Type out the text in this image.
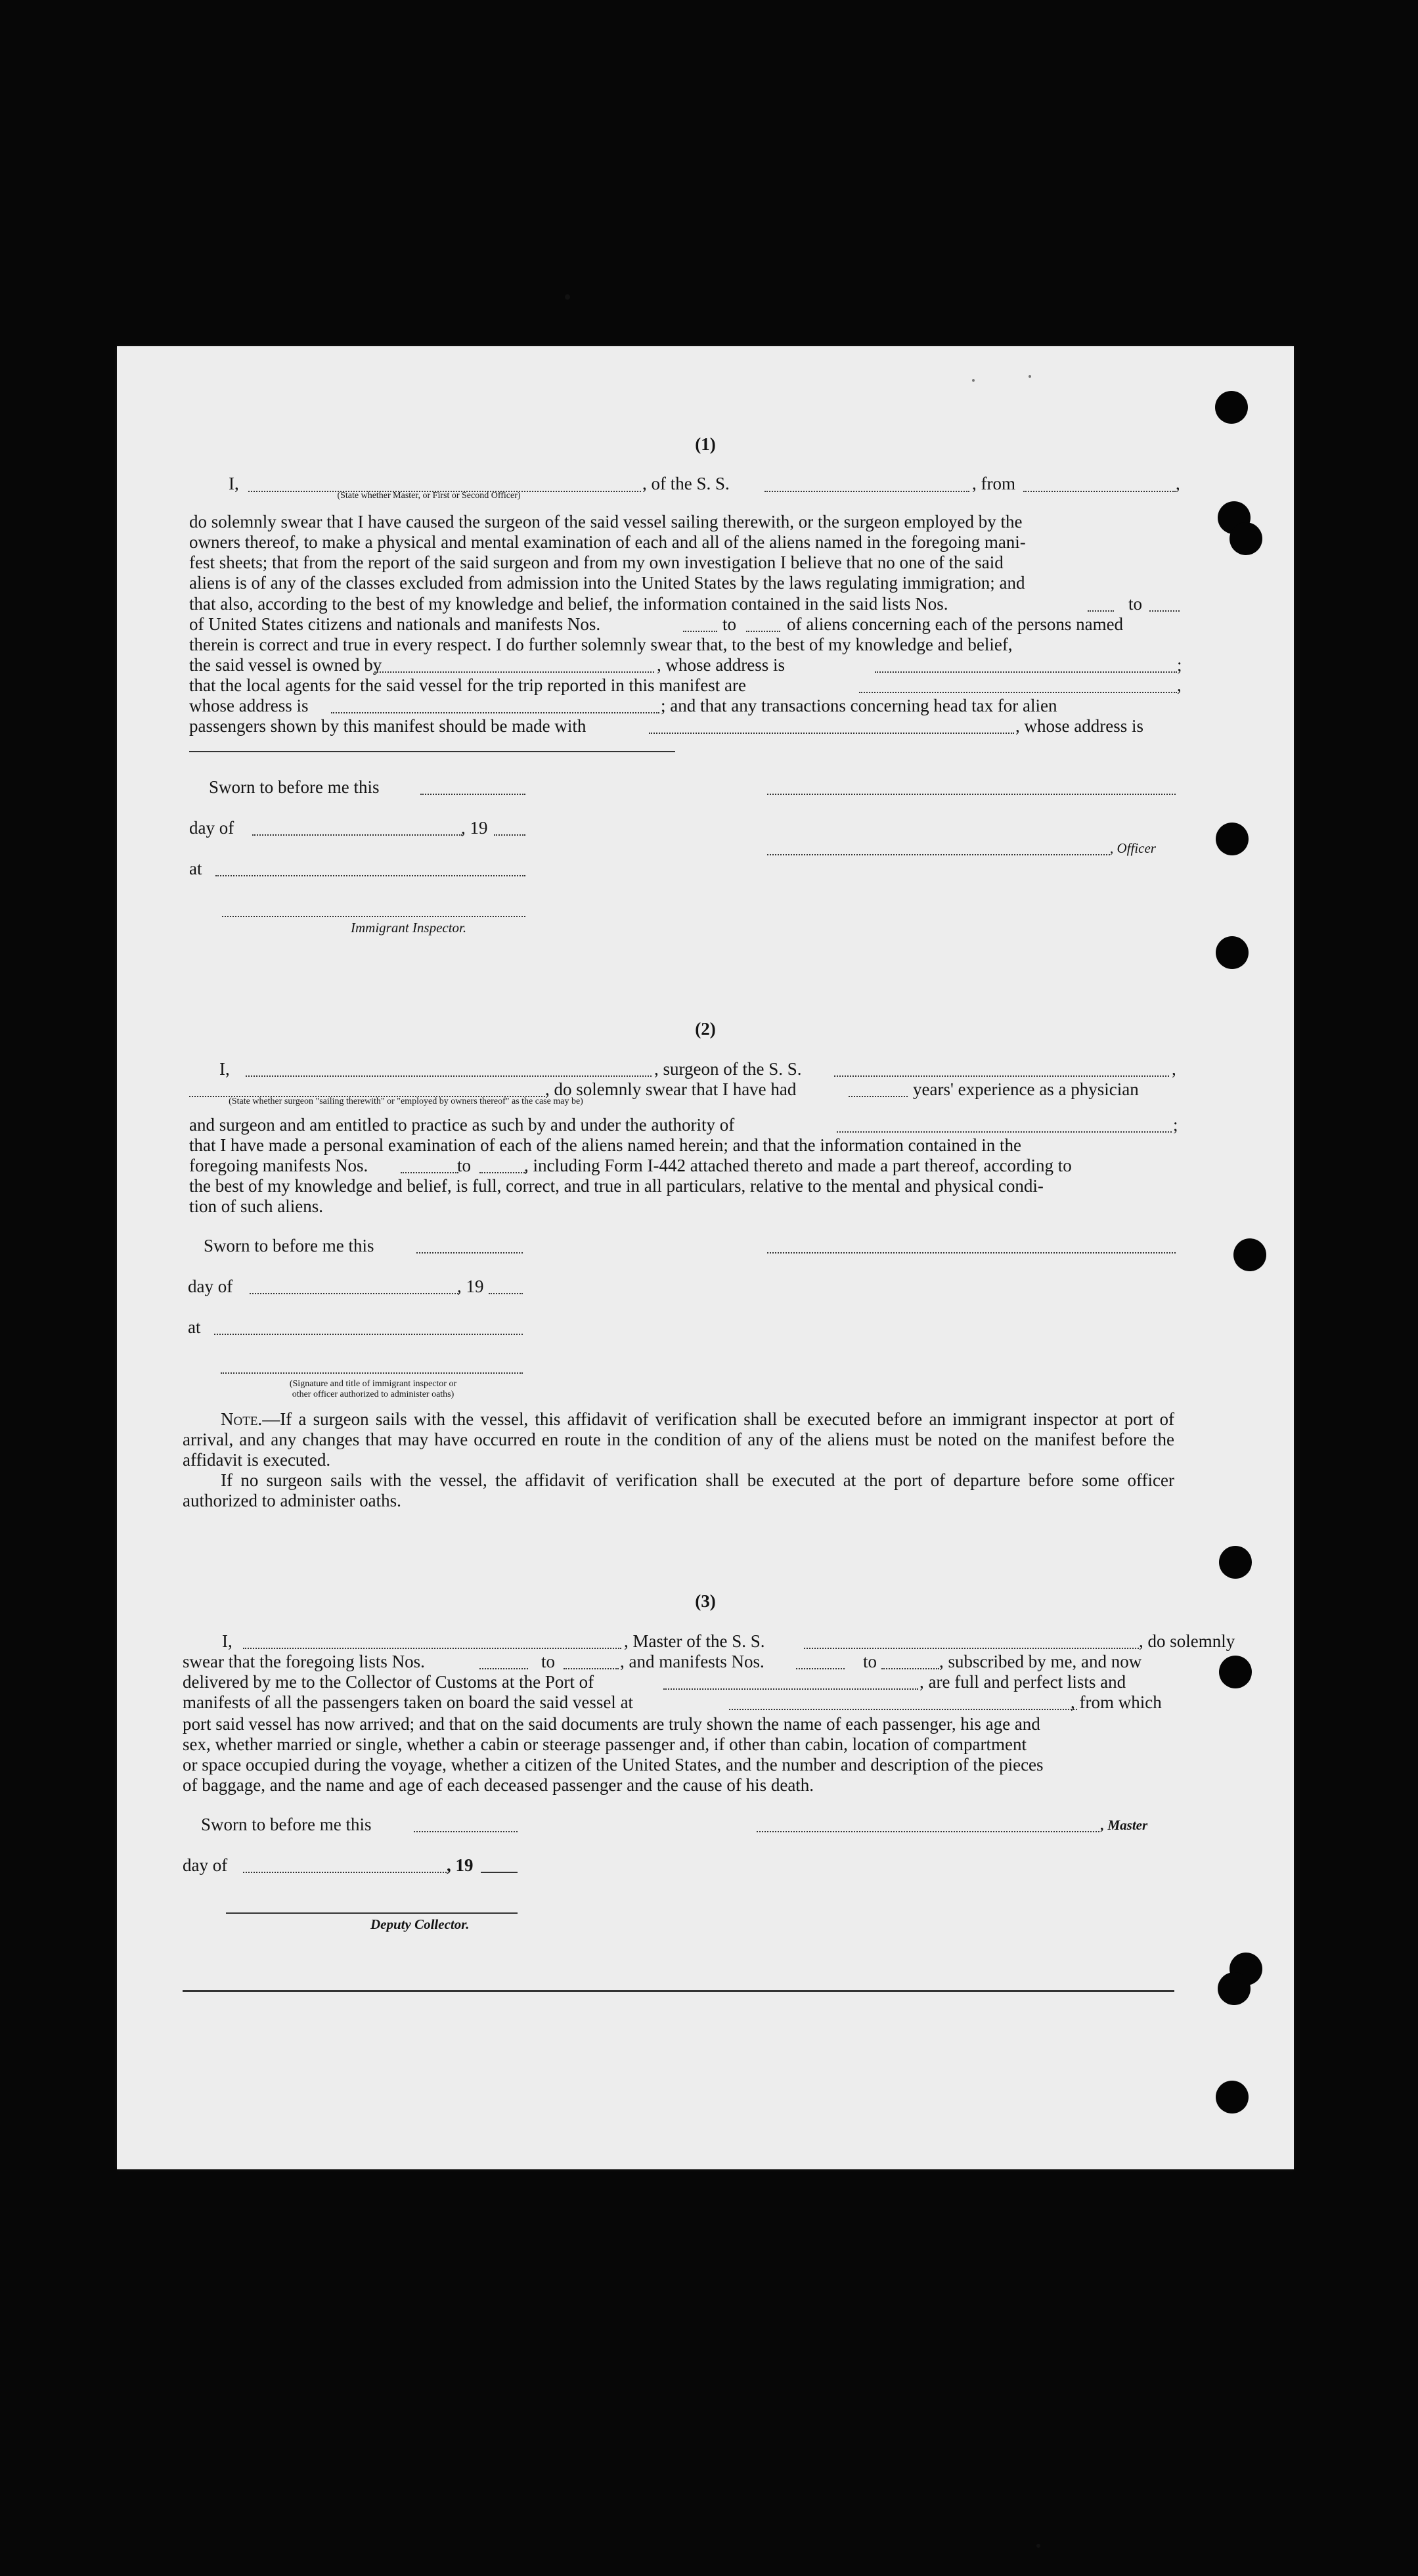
(1)
I,	, of the S. S.	, from	,
(State whether Master, or First or Second Officer)
do solemnly swear that I have caused the surgeon of the said vessel sailing therewith, or the surgeon employed by the
owners thereof, to make a physical and mental examination of each and all of the aliens named in the foregoing mani-
fest sheets; that from the report of the said surgeon and from my own investigation I believe that no one of the said
aliens is of any of the classes excluded from admission into the United States by the laws regulating immigration; and
that also, according to the best of my knowledge and belief, the information contained in the said lists Nos.	to
of United States citizens and nationals and manifests Nos.	to	of aliens concerning each of the persons named
therein is correct and true in every respect. I do further solemnly swear that, to the best of my knowledge and belief,
the said vessel is owned by	, whose address is	;
that the local agents for the said vessel for the trip reported in this manifest are	,
whose address is	; and that any transactions concerning head tax for alien
passengers shown by this manifest should be made with	, whose address is
Sworn to before me this
day of	, 19
, Officer
at
Immigrant Inspector.
(2)
I,	, surgeon of the S. S.	,
, do solemnly swear that I have had	years' experience as a physician
(State whether surgeon "sailing therewith" or "employed by owners thereof" as the case may be)
and surgeon and am entitled to practice as such by and under the authority of	;
that I have made a personal examination of each of the aliens named herein; and that the information contained in the
foregoing manifests Nos.	to	, including Form I-442 attached thereto and made a part thereof, according to
the best of my knowledge and belief, is full, correct, and true in all particulars, relative to the mental and physical condi-
tion of such aliens.
Sworn to before me this
day of	, 19
at
(Signature and title of immigrant inspector or
other officer authorized to administer oaths)
Note.—If a surgeon sails with the vessel, this affidavit of verification shall be executed before an immigrant inspector at port of arrival, and any changes that may have occurred en route in the condition of any of the aliens must be noted on the manifest before the affidavit is executed.
If no surgeon sails with the vessel, the affidavit of verification shall be executed at the port of departure before some officer authorized to administer oaths.
(3)
I,	, Master of the S. S.	, do solemnly
swear that the foregoing lists Nos.	to	, and manifests Nos.	to	, subscribed by me, and now
delivered by me to the Collector of Customs at the Port of	, are full and perfect lists and
manifests of all the passengers taken on board the said vessel at	, from which
port said vessel has now arrived; and that on the said documents are truly shown the name of each passenger, his age and
sex, whether married or single, whether a cabin or steerage passenger and, if other than cabin, location of compartment
or space occupied during the voyage, whether a citizen of the United States, and the number and description of the pieces
of baggage, and the name and age of each deceased passenger and the cause of his death.
Sworn to before me this	, Master
day of	, 19
Deputy Collector.
